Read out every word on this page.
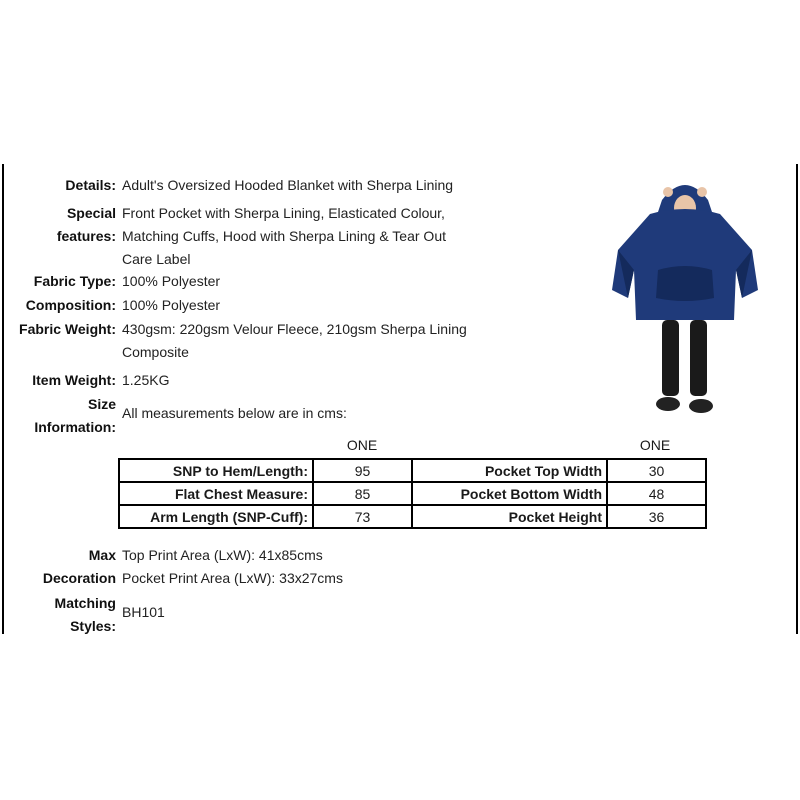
Details: Adult's Oversized Hooded Blanket with Sherpa Lining
Special
features:
Front Pocket with Sherpa Lining, Elasticated Colour,
Matching Cuffs, Hood with Sherpa Lining & Tear Out
Care Label
Fabric Type: 100% Polyester
Composition: 100% Polyester
Fabric Weight: 430gsm: 220gsm Velour Fleece, 210gsm Sherpa Lining
Composite
Item Weight: 1.25KG
Size
Information:
All measurements below are in cms:
ONE	ONE
SNP to Hem/Length:	95	Pocket Top Width	30
Flat Chest Measure:	85	Pocket Bottom Width	48
Arm Length (SNP-Cuff):	73	Pocket Height	36
Max
Decoration
Top Print Area (LxW): 41x85cms
Pocket Print Area (LxW): 33x27cms
Matching
Styles:
BH101
